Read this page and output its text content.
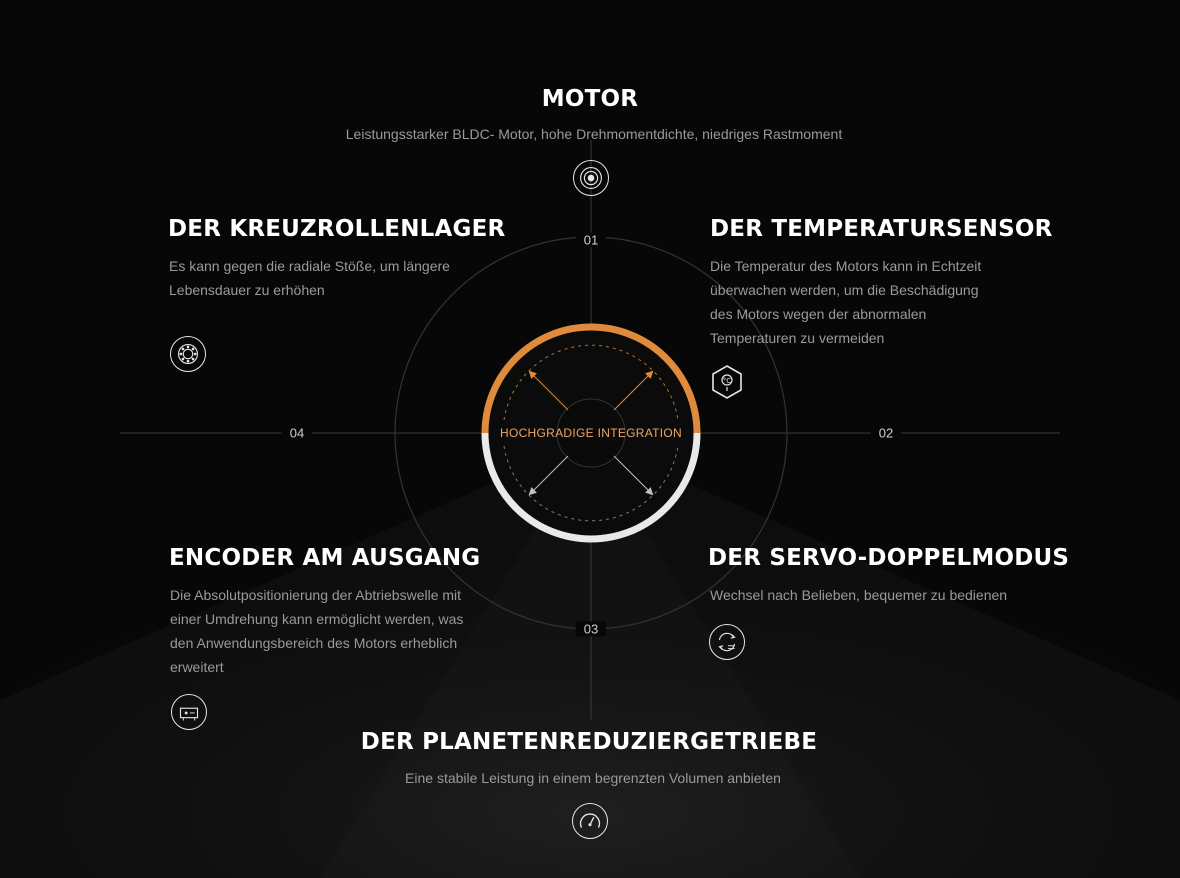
01
02
03
04	HOCHGRADIGE INTEGRATION
MOTOR

Leistungsstarker BLDC- Motor, hohe Drehmomentdichte, niedriges Rastmoment

DER KREUZROLLENLAGER

Es kann gegen die radiale Stöße, um längere Lebensdauer zu erhöhen

DER TEMPERATURSENSOR

Die Temperatur des Motors kann in Echtzeit überwachen werden, um die Beschädigung des Motors wegen der abnormalen Temperaturen zu vermeiden

°C
ENCODER AM AUSGANG

Die Absolutpositionierung der Abtriebswelle mit einer Umdrehung kann ermöglicht werden, was den Anwendungsbereich des Motors erheblich erweitert

DER SERVO-DOPPELMODUS

Wechsel nach Belieben, bequemer zu bedienen

DER PLANETENREDUZIERGETRIEBE

Eine stabile Leistung in einem begrenzten Volumen anbieten
